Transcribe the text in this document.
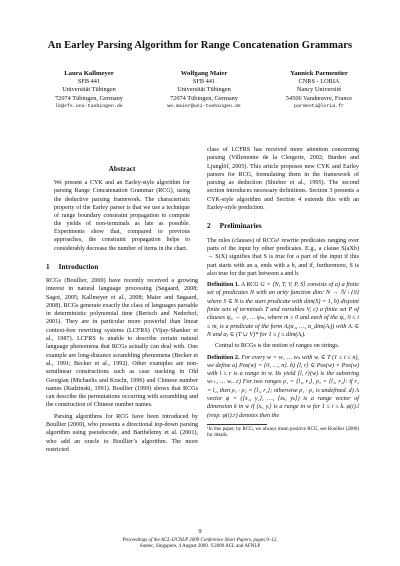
An Earley Parsing Algorithm for Range Concatenation Grammars
Laura Kallmeyer
SFB 441
Universität Tübingen
72074 Tübingen, Germany
lk@sfs.uni-tuebingen.de
Wolfgang Maier
SFB 441
Universität Tübingen
72074 Tübingen, Germany
wo.maier@uni-tuebingen.de
Yannick Parmentier
CNRS - LORIA
Nancy Université
54506 Vandœuvre, France
parmenti@loria.fr
Abstract
We present a CYK and an Earley-style algorithm for parsing Range Concatenation Grammar (RCG), using the deductive parsing framework. The characteristic property of the Earley parser is that we use a technique of range boundary constraint propagation to compute the yields of non-terminals as late as possible. Experiments show that, compared to previous approaches, the constraint propagation helps to considerably decrease the number of items in the chart.
1 Introduction

RCGs (Boullier, 2000) have recently received a growing interest in natural language processing (Søgaard, 2008; Sagot, 2005; Kallmeyer et al., 2008; Maier and Søgaard, 2008). RCGs generate exactly the class of languages parsable in deterministic polynomial time (Bertsch and Nederhof, 2001). They are in particular more powerful than linear context-free rewriting systems (LCFRS) (Vijay-Shanker et al., 1987). LCFRS is unable to describe certain natural language phenomena that RCGs actually can deal with. One example are long-distance scrambling phenomena (Becker et al., 1991; Becker et al., 1992). Other examples are non-semilinear constructions such as case stacking in Old Georgian (Michaelis and Kracht, 1996) and Chinese number names (Radzinski, 1991). Boullier (1999) shows that RCGs can describe the permutations occurring with scrambling and the construction of Chinese number names.

Parsing algorithms for RCG have been introduced by Boullier (2000), who presents a directional top-down parsing algorithm using pseudocode, and Barthélemy et al. (2001), who add an oracle to Boullier’s algorithm. The more restricted

class of LCFRS has received more attention concerning parsing (Villemonte de la Clergerie, 2002; Burden and Ljunglöf, 2005). This article proposes new CYK and Earley parsers for RCG, formulating them in the framework of parsing as deduction (Shieber et al., 1995). The second section introduces necessary definitions. Section 3 presents a CYK-style algorithm and Section 4 extends this with an Earley-style prediction.

2 Preliminaries

The rules (clauses) of RCGs¹ rewrite predicates ranging over parts of the input by other predicates. E.g., a clause S(aXb) → S(X) signifies that S is true for a part of the input if this part starts with an a, ends with a b, and if, furthermore, S is also true for the part between a and b.

Definition 1. A RCG G = ⟨N, T, V, P, S⟩ consists of a) a finite set of predicates N with an arity function dim: N → ℕ \ {0} where S ∈ N is the start predicate with dim(S) = 1, b) disjoint finite sets of terminals T and variables V, c) a finite set P of clauses ψ₀ → ψ₁ … ψₘ, where m ≥ 0 and each of the ψᵢ, 0 ≤ i ≤ m, is a predicate of the form Aᵢ(α₁, …, α_dim(Aᵢ)) with Aᵢ ∈ N and αⱼ ∈ (T ∪ V)* for 1 ≤ j ≤ dim(Aᵢ).

Central to RCGs is the notion of ranges on strings.

Definition 2. For every w = w₁ … wₙ with wᵢ ∈ T (1 ≤ i ≤ n), we define a) Pos(w) = {0, …, n}. b) ⟨l, r⟩ ∈ Pos(w) × Pos(w) with l ≤ r is a range in w. Its yield ⟨l, r⟩(w) is the substring wₗ₊₁ … wᵣ. c) For two ranges ρ₁ = ⟨l₁, r₁⟩, ρ₂ = ⟨l₂, r₂⟩: if r₁ = l₂, then ρ₁ · ρ₂ = ⟨l₁, r₂⟩; otherwise ρ₁ · ρ₂ is undefined. d) A vector φ = (⟨x₁, y₁⟩, …, ⟨xₖ, yₖ⟩) is a range vector of dimension k in w if ⟨xᵢ, yᵢ⟩ is a range in w for 1 ≤ i ≤ k. φ(i).l (resp. φ(i).r) denotes then the

¹In this paper, by RCG, we always mean positive RCG, see Boullier (2000) for details.
9
Proceedings of the ACL-IJCNLP 2009 Conference Short Papers, pages 9–12,
Suntec, Singapore, 4 August 2009. ©2009 ACL and AFNLP
